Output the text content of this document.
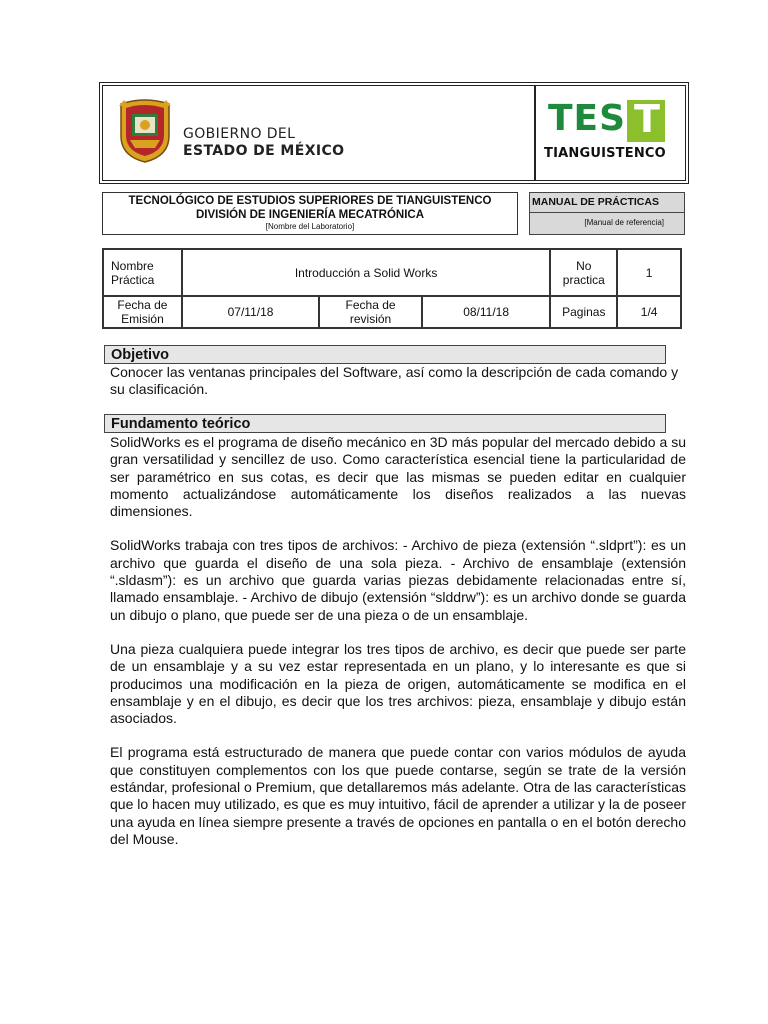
GOBIERNO DEL
ESTADO DE MÉXICO
TES T
TIANGUISTENCO
TECNOLÓGICO DE ESTUDIOS SUPERIORES DE TIANGUISTENCO
DIVISIÓN DE INGENIERÍA MECATRÓNICA
[Nombre del Laboratorio]
MANUAL DE PRÁCTICAS
[Manual de referencia]
Nombre Práctica	Introducción a Solid Works			No practica	1
Fecha de Emisión	07/11/18	Fecha de revisión	08/11/18	Paginas	1/4
Objetivo
Conocer las ventanas principales del Software, así como la descripción de cada comando y su clasificación.
Fundamento teórico

SolidWorks es el programa de diseño mecánico en 3D más popular del mercado debido a su gran versatilidad y sencillez de uso. Como característica esencial tiene la particularidad de ser paramétrico en sus cotas, es decir que las mismas se pueden editar en cualquier momento actualizándose automáticamente los diseños realizados a las nuevas dimensiones.

SolidWorks trabaja con tres tipos de archivos: - Archivo de pieza (extensión “.sldprt”): es un archivo que guarda el diseño de una sola pieza. - Archivo de ensamblaje (extensión “.sldasm”): es un archivo que guarda varias piezas debidamente relacionadas entre sí, llamado ensamblaje. - Archivo de dibujo (extensión “slddrw”): es un archivo donde se guarda un dibujo o plano, que puede ser de una pieza o de un ensamblaje.

Una pieza cualquiera puede integrar los tres tipos de archivo, es decir que puede ser parte de un ensamblaje y a su vez estar representada en un plano, y lo interesante es que si producimos una modificación en la pieza de origen, automáticamente se modifica en el ensamblaje y en el dibujo, es decir que los tres archivos: pieza, ensamblaje y dibujo están asociados.

El programa está estructurado de manera que puede contar con varios módulos de ayuda que constituyen complementos con los que puede contarse, según se trate de la versión estándar, profesional o Premium, que detallaremos más adelante. Otra de las características que lo hacen muy utilizado, es que es muy intuitivo, fácil de aprender a utilizar y la de poseer una ayuda en línea siempre presente a través de opciones en pantalla o en el botón derecho del Mouse.
